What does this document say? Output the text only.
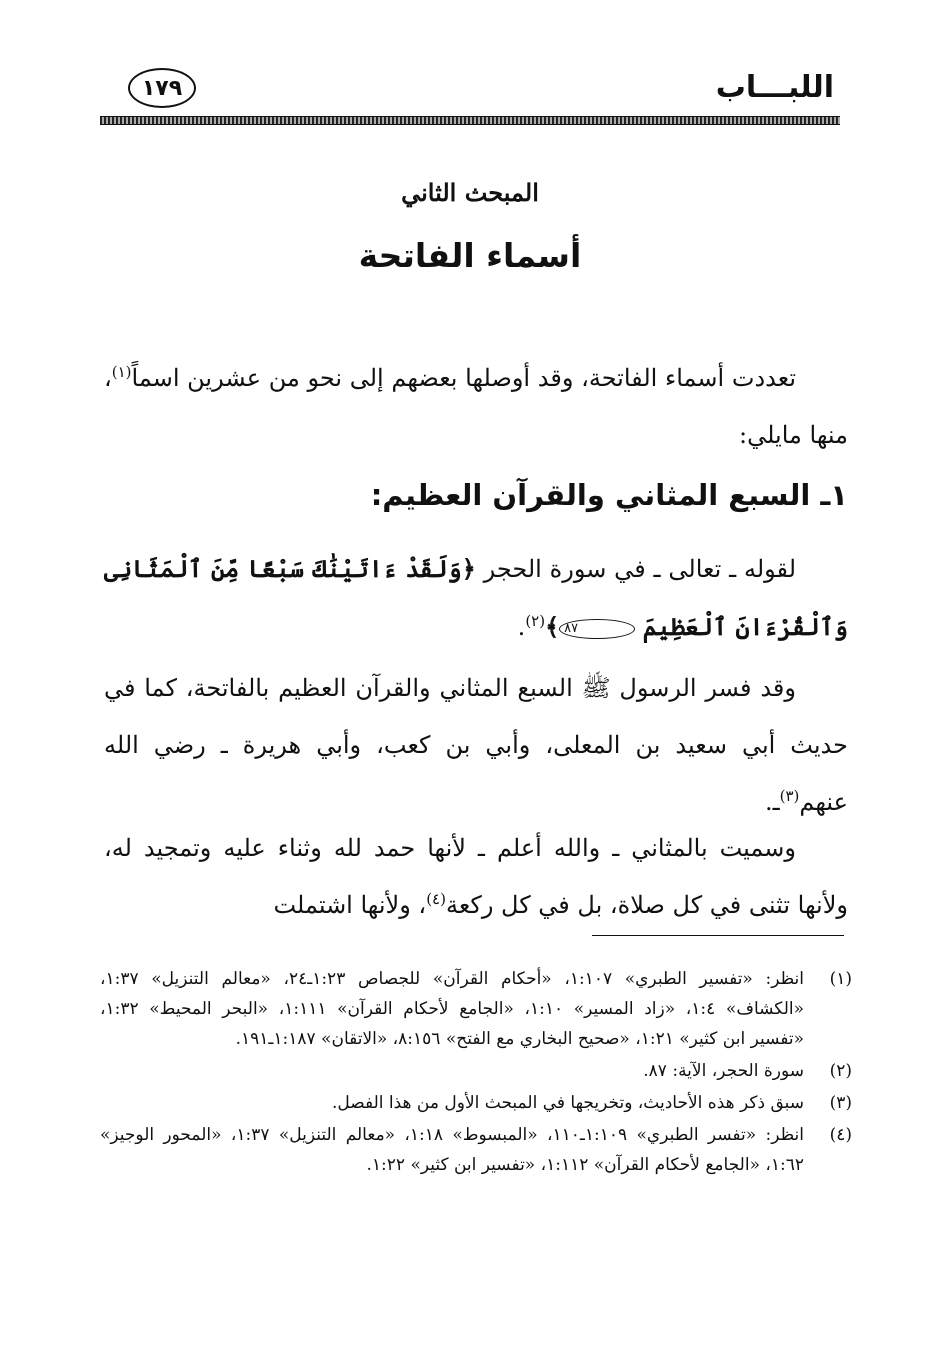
اللبـــاب
١٧٩
المبحث الثاني
أسماء الفاتحة

تعددت أسماء الفاتحة، وقد أوصلها بعضهم إلى نحو من عشرين اسماً$^{(١)}$، منها مايلي:

١ـ السبع المثاني والقرآن العظيم:

لقوله ـ تعالى ـ في سورة الحجر ﴿وَلَقَدْ ءَاتَيْنَٰكَ سَبْعًا مِّنَ ٱلْمَثَانِى وَٱلْقُرْءَانَ ٱلْعَظِيمَ ٨٧﴾$^{(٢)}$.

وقد فسر الرسول ﷺ السبع المثاني والقرآن العظيم بالفاتحة، كما في حديث أبي سعيد بن المعلى، وأبي بن كعب، وأبي هريرة ـ رضي الله عنهم$^{(٣)}$ـ.

وسميت بالمثاني ـ والله أعلم ـ لأنها حمد لله وثناء عليه وتمجيد له، ولأنها تثنى في كل صلاة، بل في كل ركعة$^{(٤)}$، ولأنها اشتملت

(١)
انظر: «تفسير الطبري» ١:١٠٧، «أحكام القرآن» للجصاص ١:٢٣ـ٢٤، «معالم التنزيل» ١:٣٧، «الكشاف» ١:٤، «زاد المسير» ١:١٠، «الجامع لأحكام القرآن» ١:١١١، «البحر المحيط» ١:٣٢، «تفسير ابن كثير» ١:٢١، «صحيح البخاري مع الفتح» ٨:١٥٦، «الاتقان» ١:١٨٧ـ١٩١.
(٢)
سورة الحجر، الآية: ٨٧.
(٣)
سبق ذكر هذه الأحاديث، وتخريجها في المبحث الأول من هذا الفصل.
(٤)
انظر: «تفسر الطبري» ١:١٠٩ـ١١٠، «المبسوط» ١:١٨، «معالم التنزيل» ١:٣٧، «المحور الوجيز» ١:٦٢، «الجامع لأحكام القرآن» ١:١١٢، «تفسير ابن كثير» ١:٢٢.
